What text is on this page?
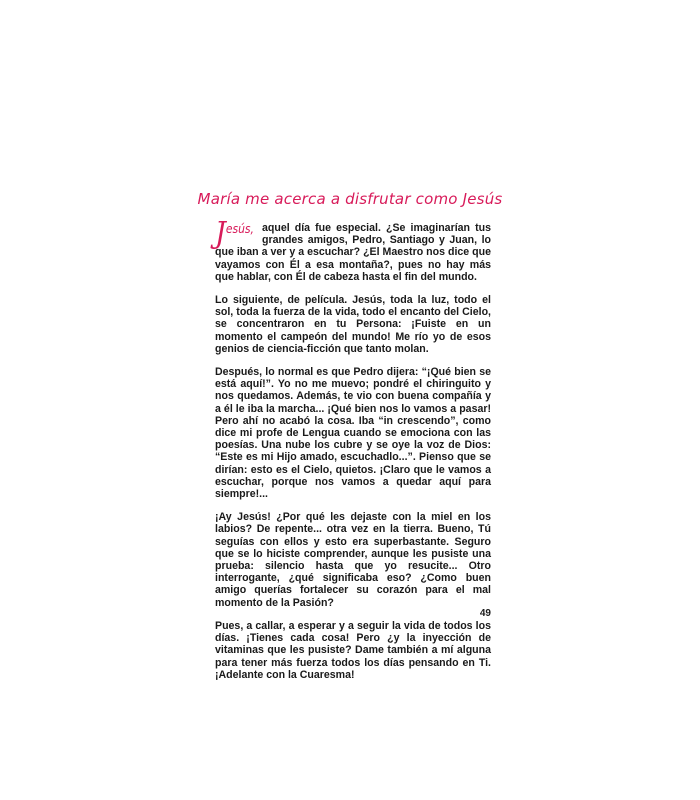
María me acerca a disfrutar como Jesús

J esús, aquel día fue especial. ¿Se imaginarían tus grandes amigos, Pedro, Santiago y Juan, lo que iban a ver y a escuchar? ¿El Maestro nos dice que vayamos con Él a esa montaña?, pues no hay más que hablar, con Él de cabeza hasta el fin del mundo.

Lo siguiente, de película. Jesús, toda la luz, todo el sol, toda la fuerza de la vida, todo el encanto del Cielo, se concentraron en tu Persona: ¡Fuiste en un momento el campeón del mundo! Me río yo de esos genios de ciencia-ficción que tanto molan.

Después, lo normal es que Pedro dijera: “¡Qué bien se está aquí!”. Yo no me muevo; pondré el chiringuito y nos quedamos. Además, te vio con buena compañía y a él le iba la marcha... ¡Qué bien nos lo vamos a pasar! Pero ahí no acabó la cosa. Iba “in crescendo”, como dice mi profe de Lengua cuando se emociona con las poesías. Una nube los cubre y se oye la voz de Dios: “Este es mi Hijo amado, escuchadlo...”. Pienso que se dirían: esto es el Cielo, quietos. ¡Claro que le vamos a escuchar, porque nos vamos a quedar aquí para siempre!...

¡Ay Jesús! ¿Por qué les dejaste con la miel en los labios? De repente... otra vez en la tierra. Bueno, Tú seguías con ellos y esto era superbastante. Seguro que se lo hiciste comprender, aunque les pusiste una prueba: silencio hasta que yo resucite... Otro interrogante, ¿qué significaba eso? ¿Como buen amigo querías fortalecer su corazón para el mal momento de la Pasión?

Pues, a callar, a esperar y a seguir la vida de todos los días. ¡Tienes cada cosa! Pero ¿y la inyección de vitaminas que les pusiste? Dame también a mí alguna para tener más fuerza todos los días pensando en Ti. ¡Adelante con la Cuaresma!

49
